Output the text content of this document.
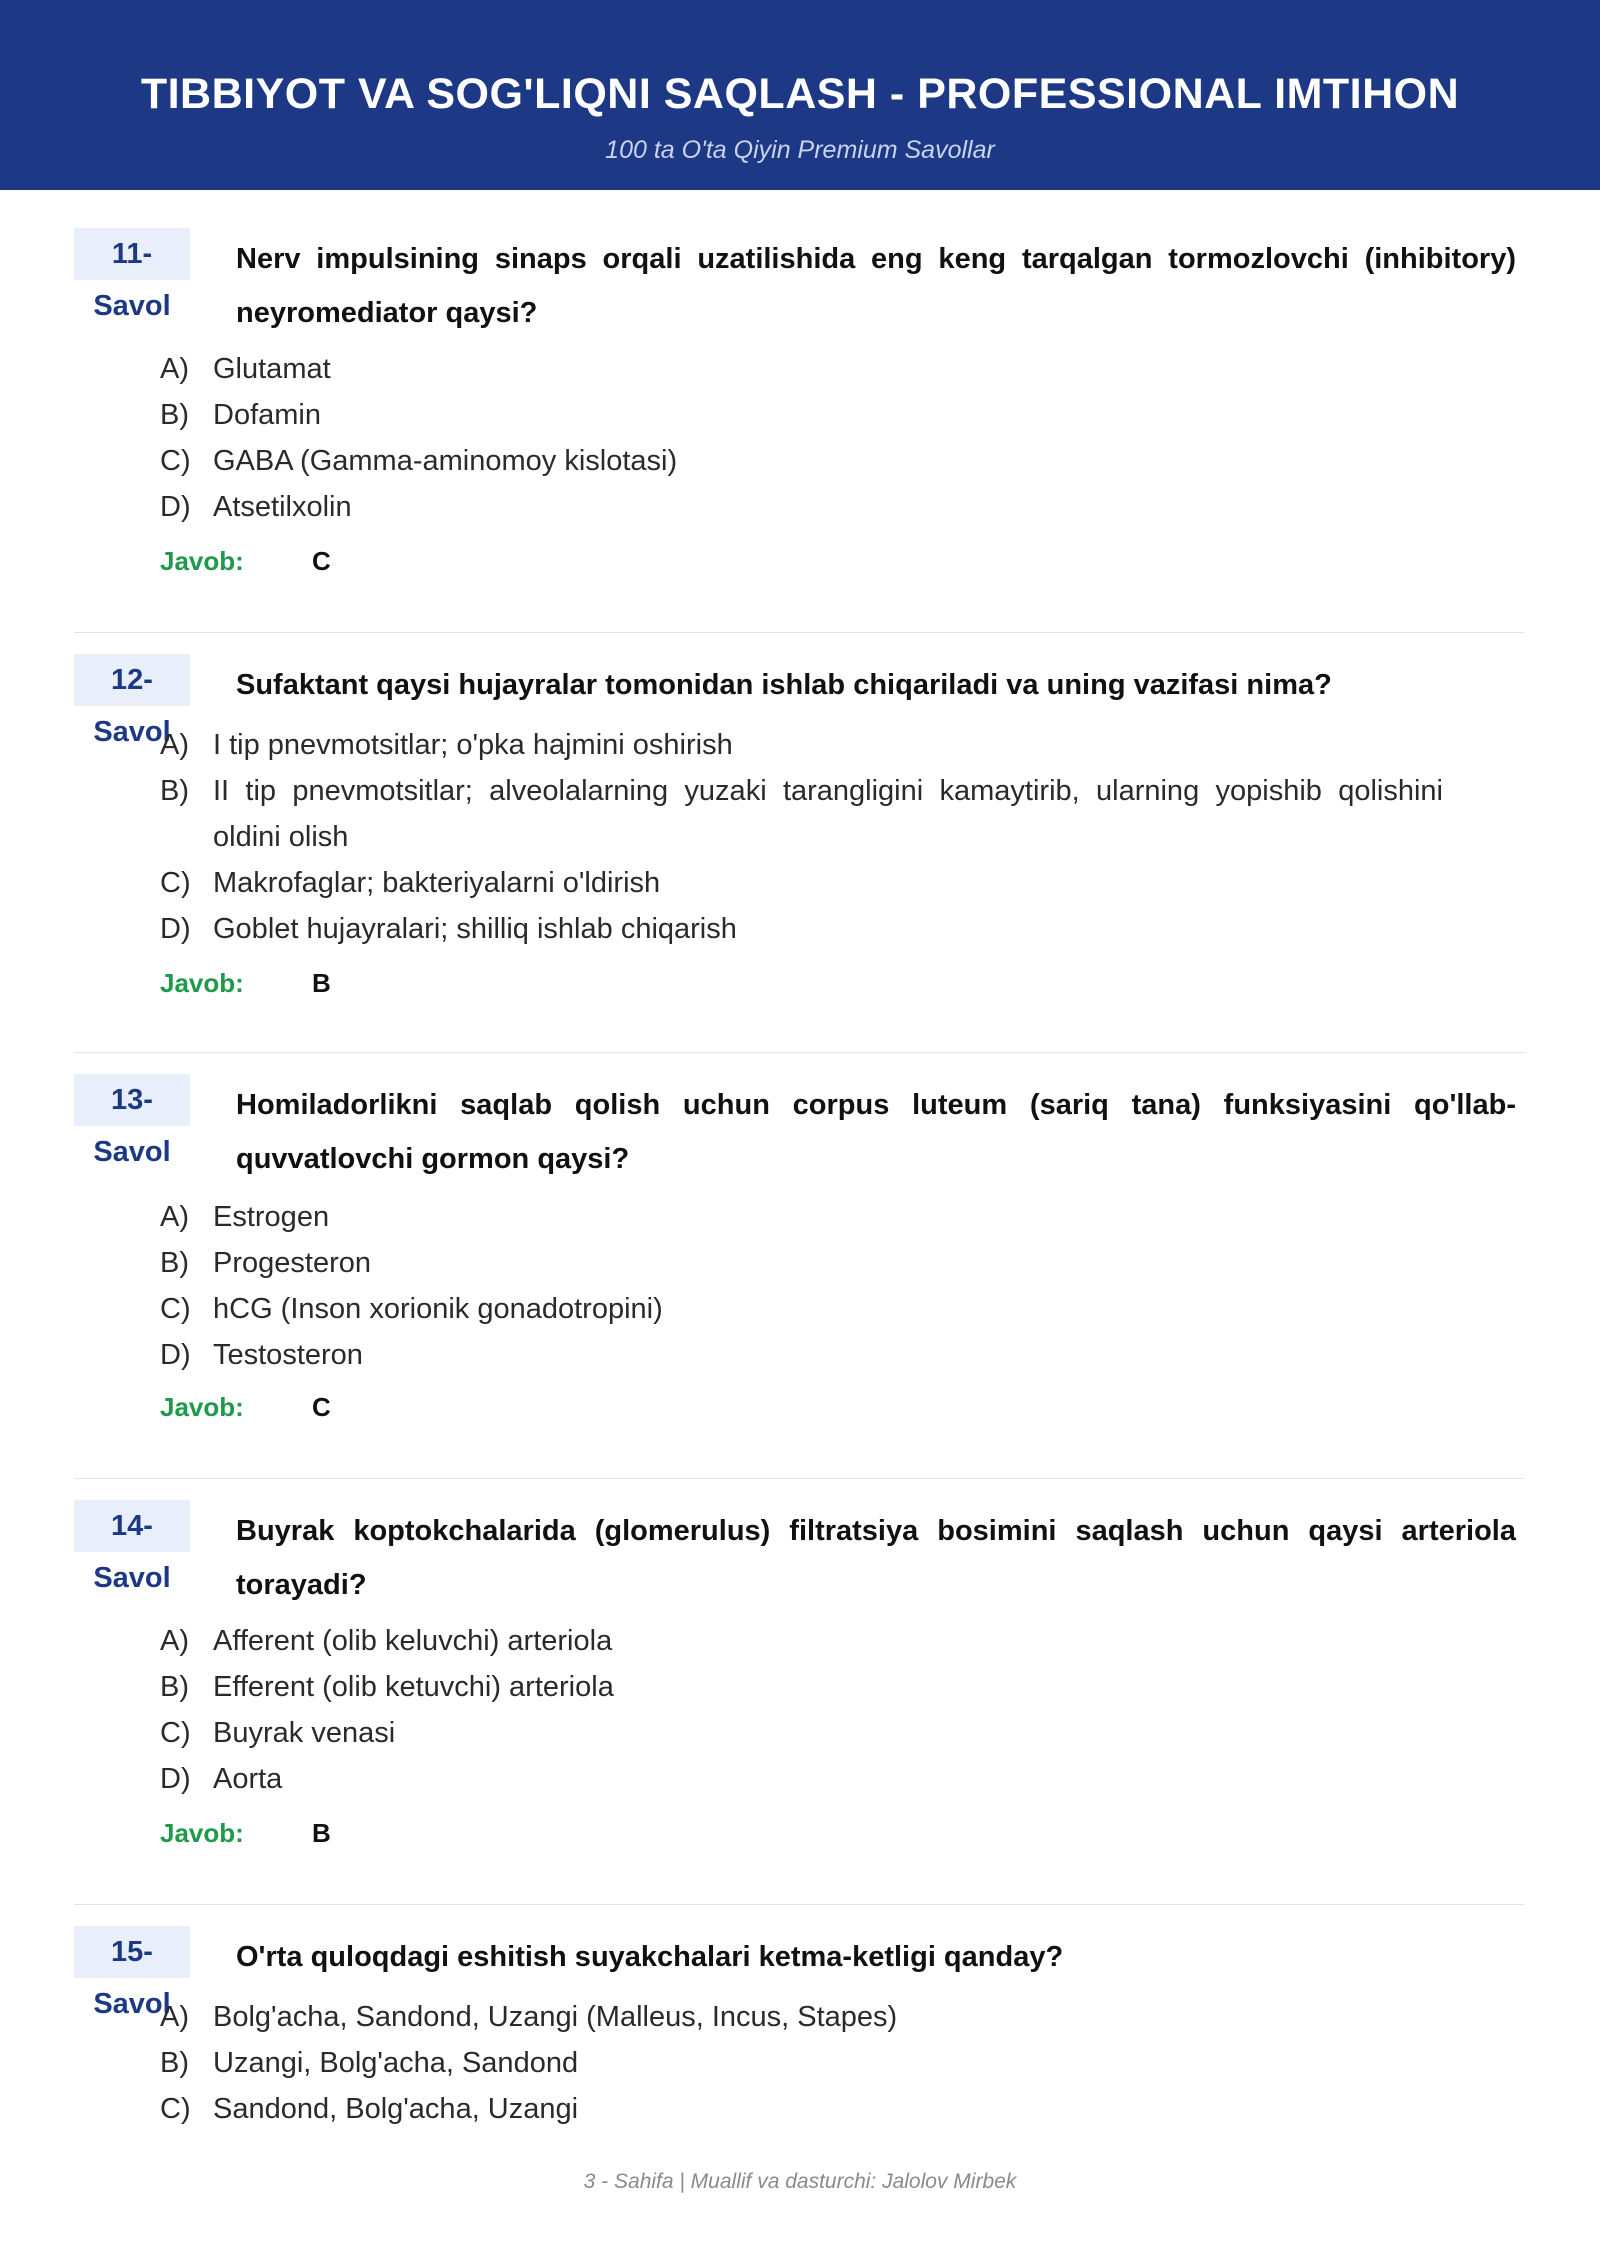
TIBBIYOT VA SOG'LIQNI SAQLASH - PROFESSIONAL IMTIHON
100 ta O'ta Qiyin Premium Savollar
11-Savol
Nerv impulsining sinaps orqali uzatilishida eng keng tarqalgan tormozlovchi (inhibitory) neyromediator qaysi?
A) Glutamat
B) Dofamin
C) GABA (Gamma-aminomoy kislotasi)
D) Atsetilxolin
Javob:	C
12-Savol
Sufaktant qaysi hujayralar tomonidan ishlab chiqariladi va uning vazifasi nima?
A) I tip pnevmotsitlar; o'pka hajmini oshirish
B) II tip pnevmotsitlar; alveolalarning yuzaki tarangligini kamaytirib, ularning yopishib qolishini oldini olish
C) Makrofaglar; bakteriyalarni o'ldirish
D) Goblet hujayralari; shilliq ishlab chiqarish
Javob:	B
13-Savol
Homiladorlikni saqlab qolish uchun corpus luteum (sariq tana) funksiyasini qo'llab-quvvatlovchi gormon qaysi?
A) Estrogen
B) Progesteron
C) hCG (Inson xorionik gonadotropini)
D) Testosteron
Javob:	C
14-Savol
Buyrak koptokchalarida (glomerulus) filtratsiya bosimini saqlash uchun qaysi arteriola torayadi?
A) Afferent (olib keluvchi) arteriola
B) Efferent (olib ketuvchi) arteriola
C) Buyrak venasi
D) Aorta
Javob:	B
15-Savol
O'rta quloqdagi eshitish suyakchalari ketma-ketligi qanday?
A) Bolg'acha, Sandond, Uzangi (Malleus, Incus, Stapes)
B) Uzangi, Bolg'acha, Sandond
C) Sandond, Bolg'acha, Uzangi
3 - Sahifa | Muallif va dasturchi: Jalolov Mirbek
